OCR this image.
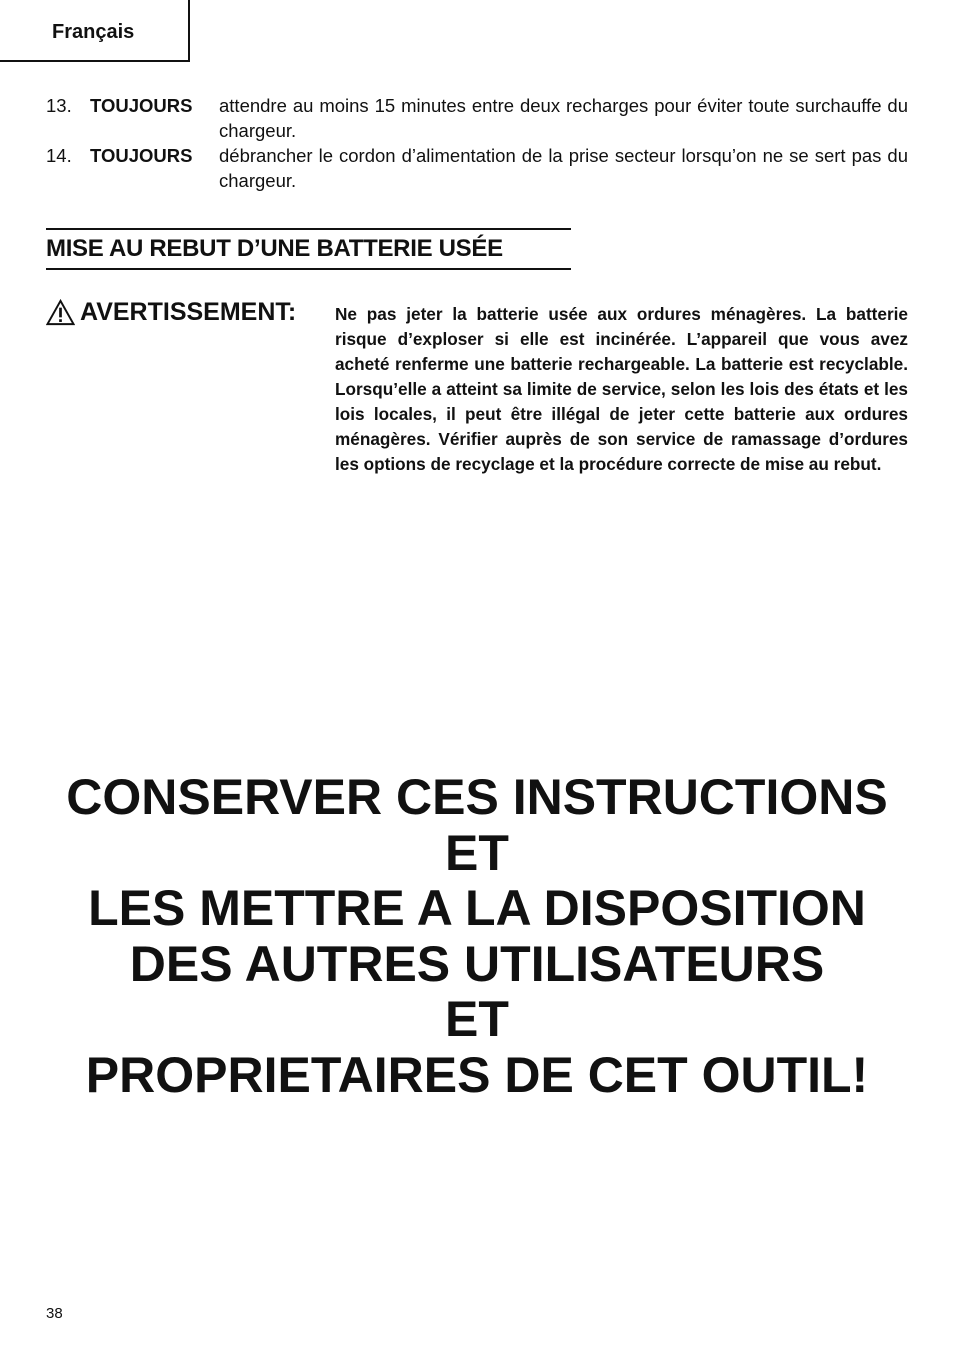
Français
13. TOUJOURS attendre au moins 15 minutes entre deux recharges pour éviter toute surchauffe du chargeur.
14. TOUJOURS débrancher le cordon d’alimentation de la prise secteur lorsqu’on ne se sert pas du chargeur.
MISE AU REBUT D’UNE BATTERIE USÉE
AVERTISSEMENT: Ne pas jeter la batterie usée aux ordures ménagères. La batterie risque d’exploser si elle est incinérée. L’appareil que vous avez acheté renferme une batterie rechargeable. La batterie est recyclable. Lorsqu’elle a atteint sa limite de service, selon les lois des états et les lois locales, il peut être illégal de jeter cette batterie aux ordures ménagères. Vérifier auprès de son service de ramassage d’ordures les options de recyclage et la procédure correcte de mise au rebut.
CONSERVER CES INSTRUCTIONS
ET
LES METTRE A LA DISPOSITION
DES AUTRES UTILISATEURS
ET
PROPRIETAIRES DE CET OUTIL!
38
